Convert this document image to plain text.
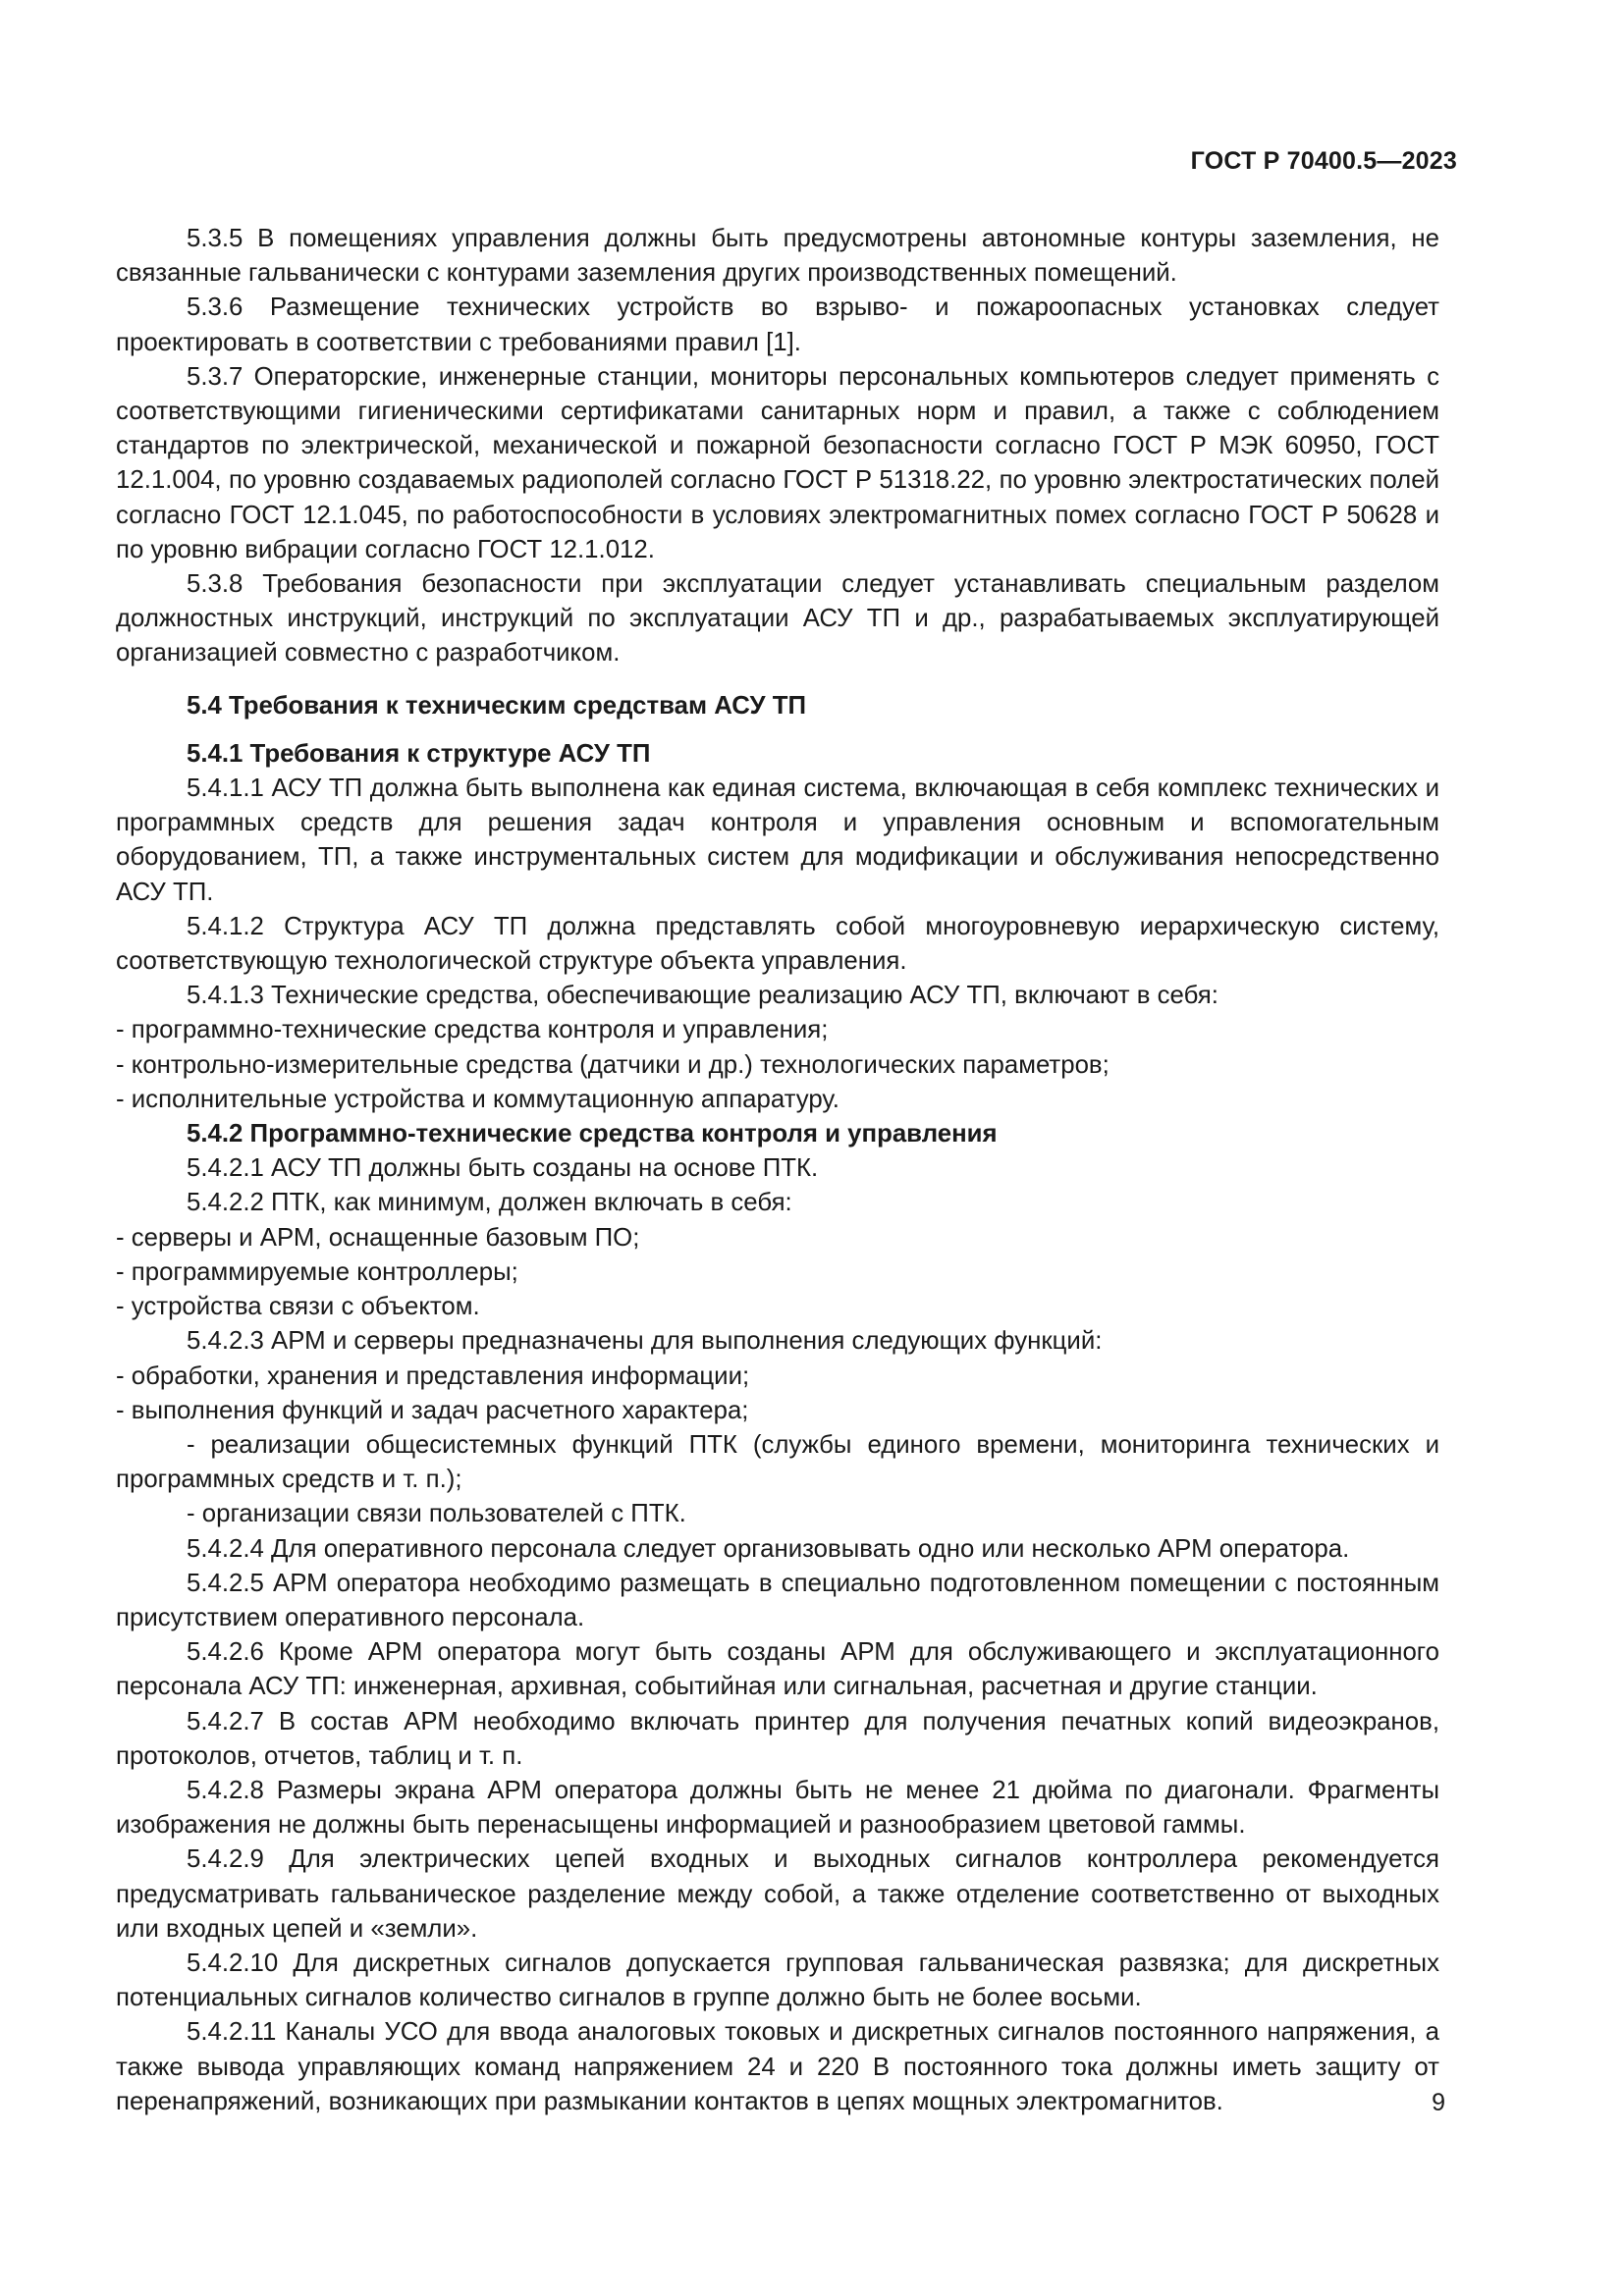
ГОСТ Р 70400.5—2023

5.3.5 В помещениях управления должны быть предусмотрены автономные контуры заземления, не связанные гальванически с контурами заземления других производственных помещений.

5.3.6 Размещение технических устройств во взрыво- и пожароопасных установках следует проектировать в соответствии с требованиями правил [1].

5.3.7 Операторские, инженерные станции, мониторы персональных компьютеров следует применять с соответствующими гигиеническими сертификатами санитарных норм и правил, а также с соблюдением стандартов по электрической, механической и пожарной безопасности согласно ГОСТ Р МЭК 60950, ГОСТ 12.1.004, по уровню создаваемых радиополей согласно ГОСТ Р 51318.22, по уровню электростатических полей согласно ГОСТ 12.1.045, по работоспособности в условиях электромагнитных помех согласно ГОСТ Р 50628 и по уровню вибрации согласно ГОСТ 12.1.012.

5.3.8 Требования безопасности при эксплуатации следует устанавливать специальным разделом должностных инструкций, инструкций по эксплуатации АСУ ТП и др., разрабатываемых эксплуатирующей организацией совместно с разработчиком.

5.4 Требования к техническим средствам АСУ ТП

5.4.1 Требования к структуре АСУ ТП

5.4.1.1 АСУ ТП должна быть выполнена как единая система, включающая в себя комплекс технических и программных средств для решения задач контроля и управления основным и вспомогательным оборудованием, ТП, а также инструментальных систем для модификации и обслуживания непосредственно АСУ ТП.

5.4.1.2 Структура АСУ ТП должна представлять собой многоуровневую иерархическую систему, соответствующую технологической структуре объекта управления.

5.4.1.3 Технические средства, обеспечивающие реализацию АСУ ТП, включают в себя:

- программно-технические средства контроля и управления;

- контрольно-измерительные средства (датчики и др.) технологических параметров;

- исполнительные устройства и коммутационную аппаратуру.

5.4.2 Программно-технические средства контроля и управления

5.4.2.1 АСУ ТП должны быть созданы на основе ПТК.

5.4.2.2 ПТК, как минимум, должен включать в себя:

- серверы и АРМ, оснащенные базовым ПО;

- программируемые контроллеры;

- устройства связи с объектом.

5.4.2.3 АРМ и серверы предназначены для выполнения следующих функций:

- обработки, хранения и представления информации;

- выполнения функций и задач расчетного характера;

- реализации общесистемных функций ПТК (службы единого времени, мониторинга технических и программных средств и т. п.);

- организации связи пользователей с ПТК.

5.4.2.4 Для оперативного персонала следует организовывать одно или несколько АРМ оператора.

5.4.2.5 АРМ оператора необходимо размещать в специально подготовленном помещении с постоянным присутствием оперативного персонала.

5.4.2.6 Кроме АРМ оператора могут быть созданы АРМ для обслуживающего и эксплуатационного персонала АСУ ТП: инженерная, архивная, событийная или сигнальная, расчетная и другие станции.

5.4.2.7 В состав АРМ необходимо включать принтер для получения печатных копий видеоэкранов, протоколов, отчетов, таблиц и т. п.

5.4.2.8 Размеры экрана АРМ оператора должны быть не менее 21 дюйма по диагонали. Фрагменты изображения не должны быть перенасыщены информацией и разнообразием цветовой гаммы.

5.4.2.9 Для электрических цепей входных и выходных сигналов контроллера рекомендуется предусматривать гальваническое разделение между собой, а также отделение соответственно от выходных или входных цепей и «земли».

5.4.2.10 Для дискретных сигналов допускается групповая гальваническая развязка; для дискретных потенциальных сигналов количество сигналов в группе должно быть не более восьми.

5.4.2.11 Каналы УСО для ввода аналоговых токовых и дискретных сигналов постоянного напряжения, а также вывода управляющих команд напряжением 24 и 220 В постоянного тока должны иметь защиту от перенапряжений, возникающих при размыкании контактов в цепях мощных электромагнитов.	9
